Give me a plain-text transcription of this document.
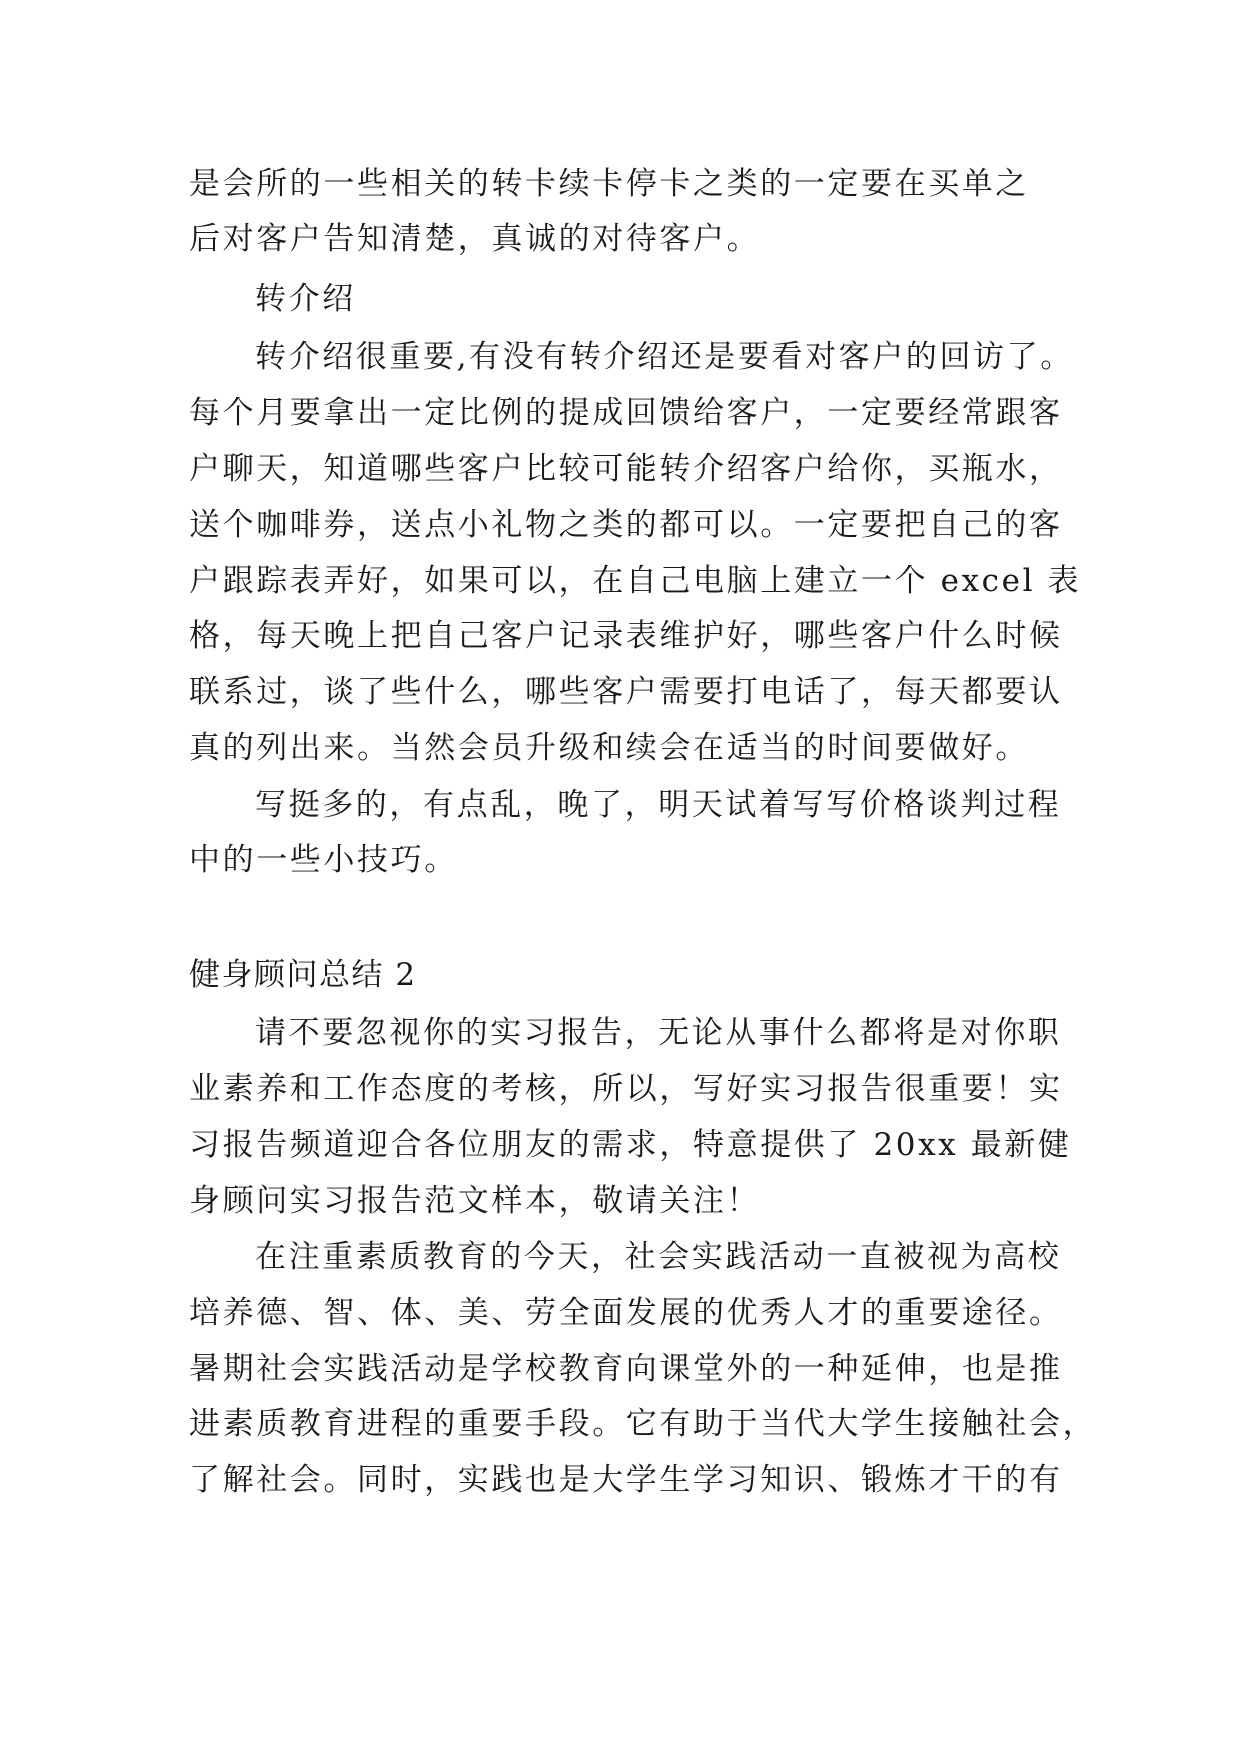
是会所的一些相关的转卡续卡停卡之类的一定要在买单之
后对客户告知清楚，真诚的对待客户。
转介绍
转介绍很重要,有没有转介绍还是要看对客户的回访了。
每个月要拿出一定比例的提成回馈给客户，一定要经常跟客
户聊天，知道哪些客户比较可能转介绍客户给你，买瓶水，
送个咖啡券，送点小礼物之类的都可以。一定要把自己的客
户跟踪表弄好，如果可以，在自己电脑上建立一个 excel 表
格，每天晚上把自己客户记录表维护好，哪些客户什么时候
联系过，谈了些什么，哪些客户需要打电话了，每天都要认
真的列出来。当然会员升级和续会在适当的时间要做好。
写挺多的，有点乱，晚了，明天试着写写价格谈判过程
中的一些小技巧。
健身顾问总结 2
请不要忽视你的实习报告，无论从事什么都将是对你职
业素养和工作态度的考核，所以，写好实习报告很重要！实
习报告频道迎合各位朋友的需求，特意提供了 20xx 最新健
身顾问实习报告范文样本，敬请关注！
在注重素质教育的今天，社会实践活动一直被视为高校
培养德、智、体、美、劳全面发展的优秀人才的重要途径。
暑期社会实践活动是学校教育向课堂外的一种延伸，也是推
进素质教育进程的重要手段。它有助于当代大学生接触社会，
了解社会。同时，实践也是大学生学习知识、锻炼才干的有
